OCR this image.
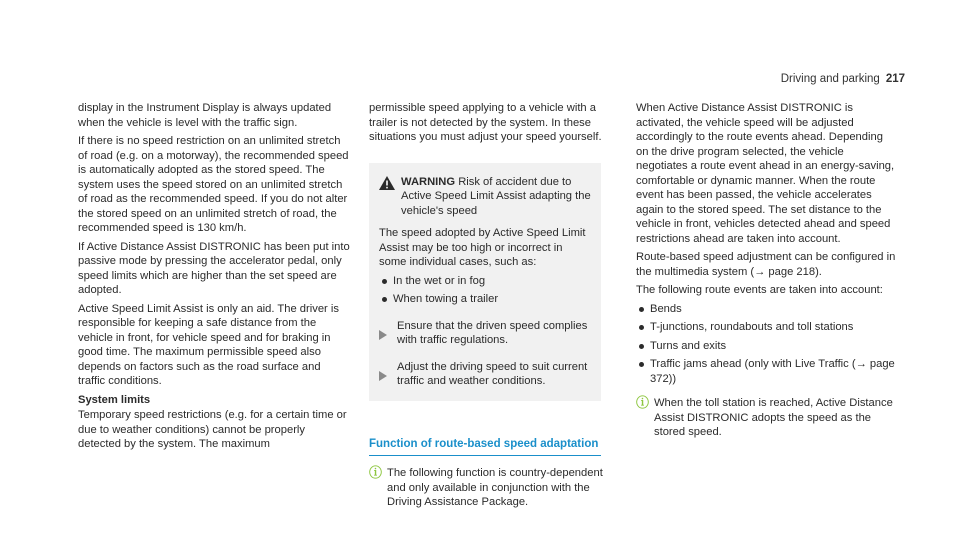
Driving and parking 217

display in the Instrument Display is always updated when the vehicle is level with the traffic sign.

If there is no speed restriction on an unlimited stretch of road (e.g. on a motorway), the recommended speed is automatically adopted as the stored speed. The system uses the speed stored on an unlimited stretch of road as the recommended speed. If you do not alter the stored speed on an unlimited stretch of road, the recommended speed is 130 km/h.

If Active Distance Assist DISTRONIC has been put into passive mode by pressing the accelerator pedal, only speed limits which are higher than the set speed are adopted.

Active Speed Limit Assist is only an aid. The driver is responsible for keeping a safe distance from the vehicle in front, for vehicle speed and for braking in good time. The maximum permissible speed also depends on factors such as the road surface and traffic conditions.

System limits

Temporary speed restrictions (e.g. for a certain time or due to weather conditions) cannot be properly detected by the system. The maximum

permissible speed applying to a vehicle with a trailer is not detected by the system. In these situations you must adjust your speed yourself.

WARNING Risk of accident due to Active Speed Limit Assist adapting the vehicle's speed
The speed adopted by Active Speed Limit Assist may be too high or incorrect in some individual cases, such as:
In the wet or in fog
When towing a trailer
Ensure that the driven speed complies with traffic regulations.
Adjust the driving speed to suit current traffic and weather conditions.
Function of route-based speed adaptation
ⓘ The following function is country-dependent and only available in conjunction with the Driving Assistance Package.

When Active Distance Assist DISTRONIC is activated, the vehicle speed will be adjusted accordingly to the route events ahead. Depending on the drive program selected, the vehicle negotiates a route event ahead in an energy-saving, comfortable or dynamic manner. When the route event has been passed, the vehicle accelerates again to the stored speed. The set distance to the vehicle in front, vehicles detected ahead and speed restrictions ahead are taken into account.

Route-based speed adjustment can be configured in the multimedia system (→ page 218).

The following route events are taken into account:

Bends
T-junctions, roundabouts and toll stations
Turns and exits
Traffic jams ahead (only with Live Traffic (→ page 372))
ⓘ When the toll station is reached, Active Distance Assist DISTRONIC adopts the speed as the stored speed.
